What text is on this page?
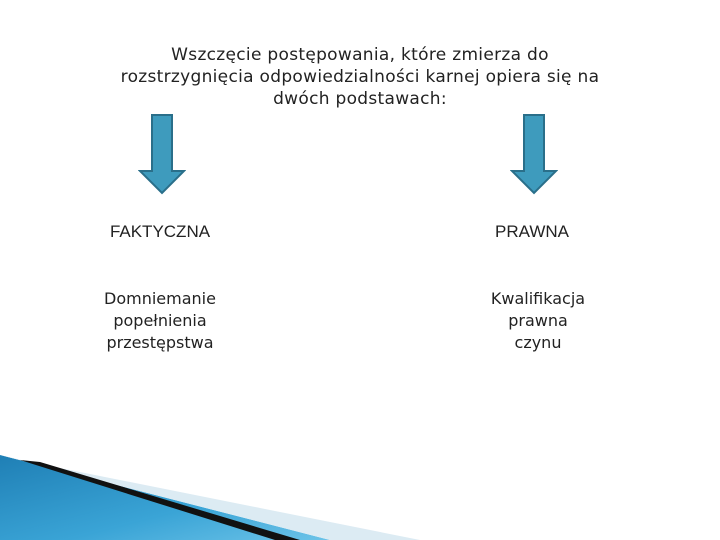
Wszczęcie postępowania, które zmierza do
rozstrzygnięcia odpowiedzialności karnej opiera się na
dwóch podstawach:
FAKTYCZNA	PRAWNA
Domniemanie
popełnienia
przestępstwa
Kwalifikacja
prawna
czynu
